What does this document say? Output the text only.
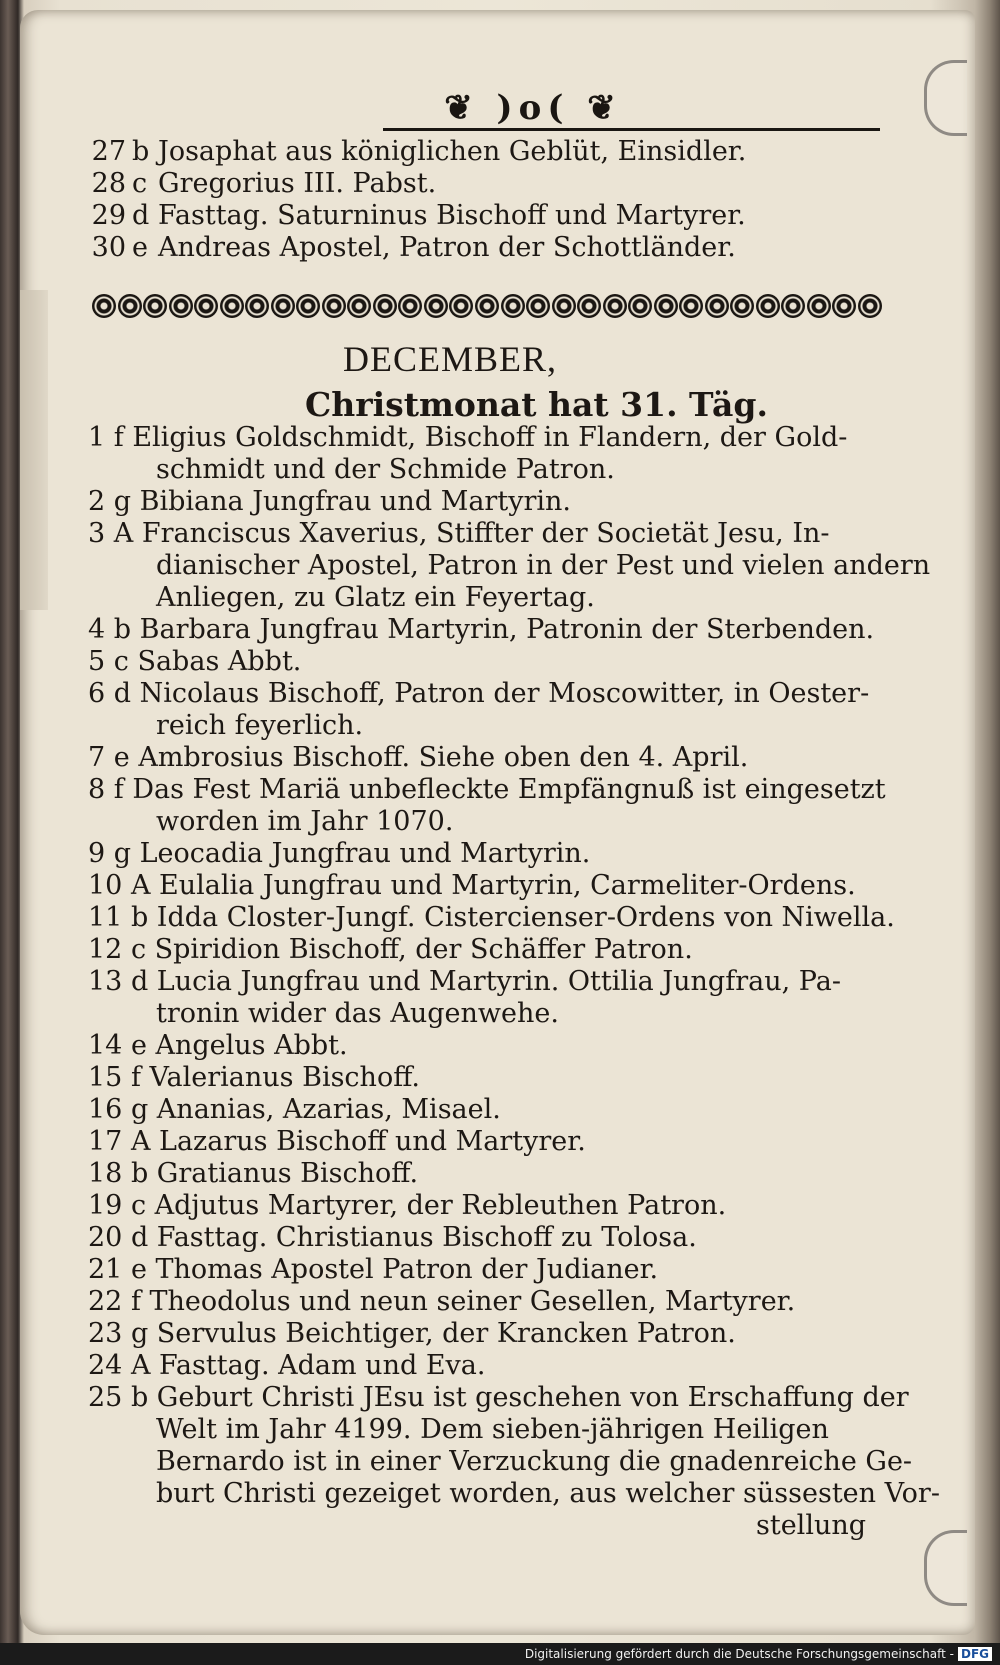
❦ )o( ❦
27 b Josaphat aus königlichen Geblüt, Einsidler.
28 c Gregorius III. Pabst.
29 d Fasttag. Saturninus Bischoff und Martyrer.
30 e Andreas Apostel, Patron der Schottländer.
DECEMBER,
Christmonat hat 31. Täg.
1 f Eligius Goldschmidt, Bischoff in Flandern, der Gold-
schmidt und der Schmide Patron.
2 g Bibiana Jungfrau und Martyrin.
3 A Franciscus Xaverius, Stiffter der Societät Jesu, In-
dianischer Apostel, Patron in der Pest und vielen andern
Anliegen, zu Glatz ein Feyertag.
4 b Barbara Jungfrau Martyrin, Patronin der Sterbenden.
5 c Sabas Abbt.
6 d Nicolaus Bischoff, Patron der Moscowitter, in Oester-
reich feyerlich.
7 e Ambrosius Bischoff. Siehe oben den 4. April.
8 f Das Fest Mariä unbefleckte Empfängnuß ist eingesetzt
worden im Jahr 1070.
9 g Leocadia Jungfrau und Martyrin.
10 A Eulalia Jungfrau und Martyrin, Carmeliter-Ordens.
11 b Idda Closter-Jungf. Cistercienser-Ordens von Niwella.
12 c Spiridion Bischoff, der Schäffer Patron.
13 d Lucia Jungfrau und Martyrin. Ottilia Jungfrau, Pa-
tronin wider das Augenwehe.
14 e Angelus Abbt.
15 f Valerianus Bischoff.
16 g Ananias, Azarias, Misael.
17 A Lazarus Bischoff und Martyrer.
18 b Gratianus Bischoff.
19 c Adjutus Martyrer, der Rebleuthen Patron.
20 d Fasttag. Christianus Bischoff zu Tolosa.
21 e Thomas Apostel Patron der Judianer.
22 f Theodolus und neun seiner Gesellen, Martyrer.
23 g Servulus Beichtiger, der Krancken Patron.
24 A Fasttag. Adam und Eva.
25 b Geburt Christi JEsu ist geschehen von Erschaffung der
Welt im Jahr 4199. Dem sieben-jährigen Heiligen
Bernardo ist in einer Verzuckung die gnadenreiche Ge-
burt Christi gezeiget worden, aus welcher süssesten Vor-
stellung
Digitalisierung gefördert durch die Deutsche Forschungsgemeinschaft - DFG
